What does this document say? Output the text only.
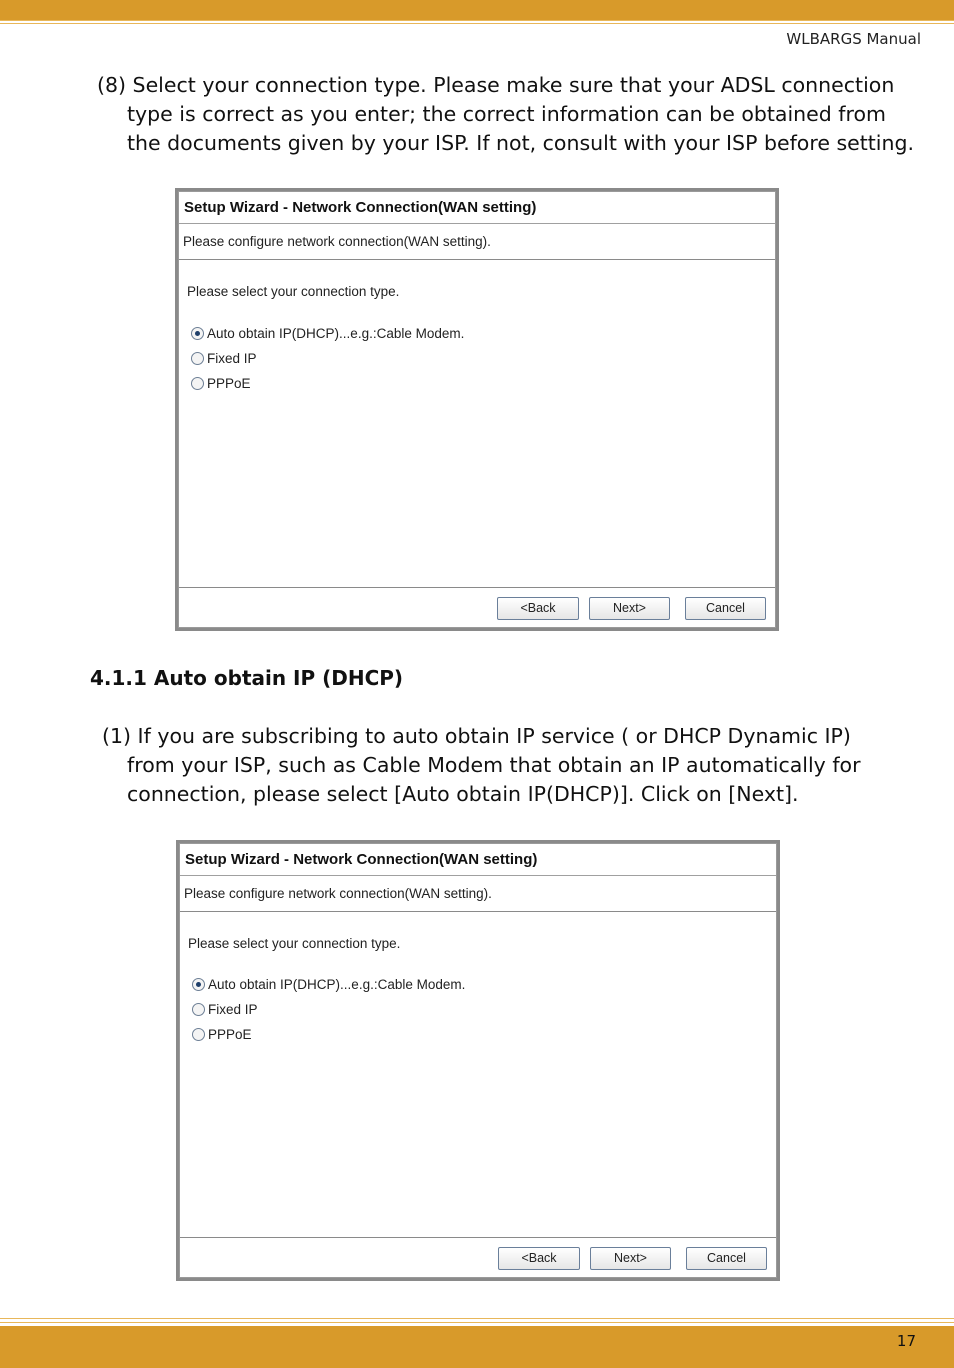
WLBARGS Manual
(8) Select your connection type. Please make sure that your ADSL connection
type is correct as you enter; the correct information can be obtained from
the documents given by your ISP. If not, consult with your ISP before setting.
Setup Wizard - Network Connection(WAN setting)
Please configure network connection(WAN setting).
Please select your connection type.
Auto obtain IP(DHCP)...e.g.:Cable Modem.
Fixed IP
PPPoE
<Back	Next>	Cancel
4.1.1 Auto obtain IP (DHCP)
(1) If you are subscribing to auto obtain IP service ( or DHCP Dynamic IP)
from your ISP, such as Cable Modem that obtain an IP automatically for
connection, please select [Auto obtain IP(DHCP)]. Click on [Next].
Setup Wizard - Network Connection(WAN setting)
Please configure network connection(WAN setting).
Please select your connection type.
Auto obtain IP(DHCP)...e.g.:Cable Modem.
Fixed IP
PPPoE
<Back	Next>	Cancel
17
